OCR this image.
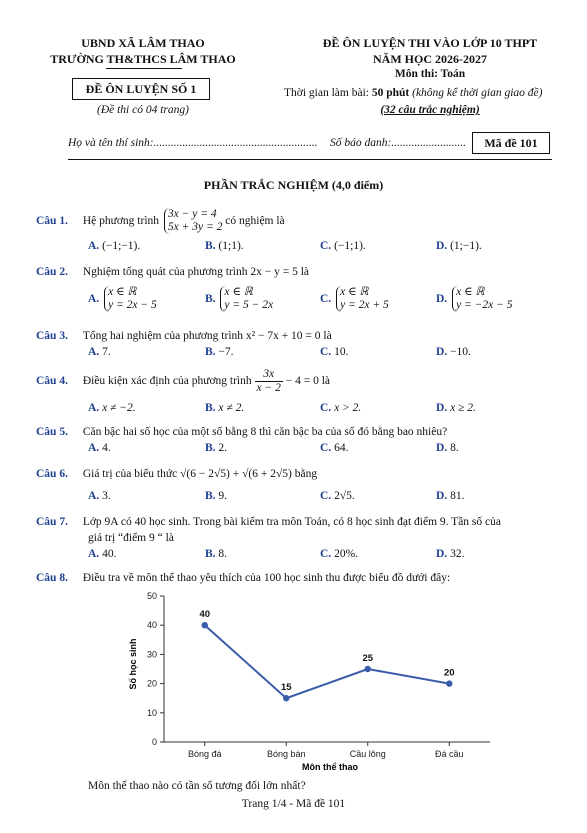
UBND XÃ LÂM THAO
TRƯỜNG TH&THCS LÂM THAO
ĐỀ ÔN LUYỆN SỐ 1
(Đề thi có 04 trang)
ĐỀ ÔN LUYỆN THI VÀO LỚP 10 THPT
NĂM HỌC 2026-2027
Môn thi: Toán
Thời gian làm bài: 50 phút (không kể thời gian giao đề)
(32 câu trắc nghiệm)
Họ và tên thí sinh:......................................................... Số báo danh:.......................... Mã đề 101
PHẦN TRẮC NGHIỆM (4,0 điểm)
Câu 1. Hệ phương trình 3x − y = 4
5x + 3y = 2 có nghiệm là
A. (−1;−1).	B. (1;1).	C. (−1;1).	D. (1;−1).
Câu 2. Nghiệm tổng quát của phương trình 2x − y = 5 là
A. x ∈ ℝ
y = 2x − 5
B. x ∈ ℝ
y = 5 − 2x
C. x ∈ ℝ
y = 2x + 5
D. x ∈ ℝ
y = −2x − 5
Câu 3. Tổng hai nghiệm của phương trình x² − 7x + 10 = 0 là
A. 7.	B. −7.	C. 10.	D. −10.
Câu 4. Điều kiện xác định của phương trình $\frac{3x}{x - 2} - 4 = 0$ là
A. x ≠ −2.	B. x ≠ 2.	C. x > 2.	D. x ≥ 2.
Câu 5. Căn bậc hai số học của một số bằng 8 thì căn bậc ba của số đó bằng bao nhiêu?
A. 4.	B. 2.	C. 64.	D. 8.
Câu 6. Giá trị của biểu thức √(6 − 2√5) + √(6 + 2√5) bằng
A. 3.	B. 9.	C. 2√5.	D. 81.
Câu 7. Lớp 9A có 40 học sinh. Trong bài kiểm tra môn Toán, có 8 học sinh đạt điểm 9. Tần số của
giá trị “điểm 9 “ là
A. 40.	B. 8.	C. 20%.	D. 32.
Câu 8. Điều tra về môn thể thao yêu thích của 100 học sinh thu được biểu đồ dưới đây:
0
10
20
30
40
50
Bóng đá	Bóng bàn	Cầu lông	Đá cầu
40
15
25
20
Số học sinh
Môn thể thao
Môn thể thao nào có tần số tương đối lớn nhất?
Trang 1/4 - Mã đề 101
